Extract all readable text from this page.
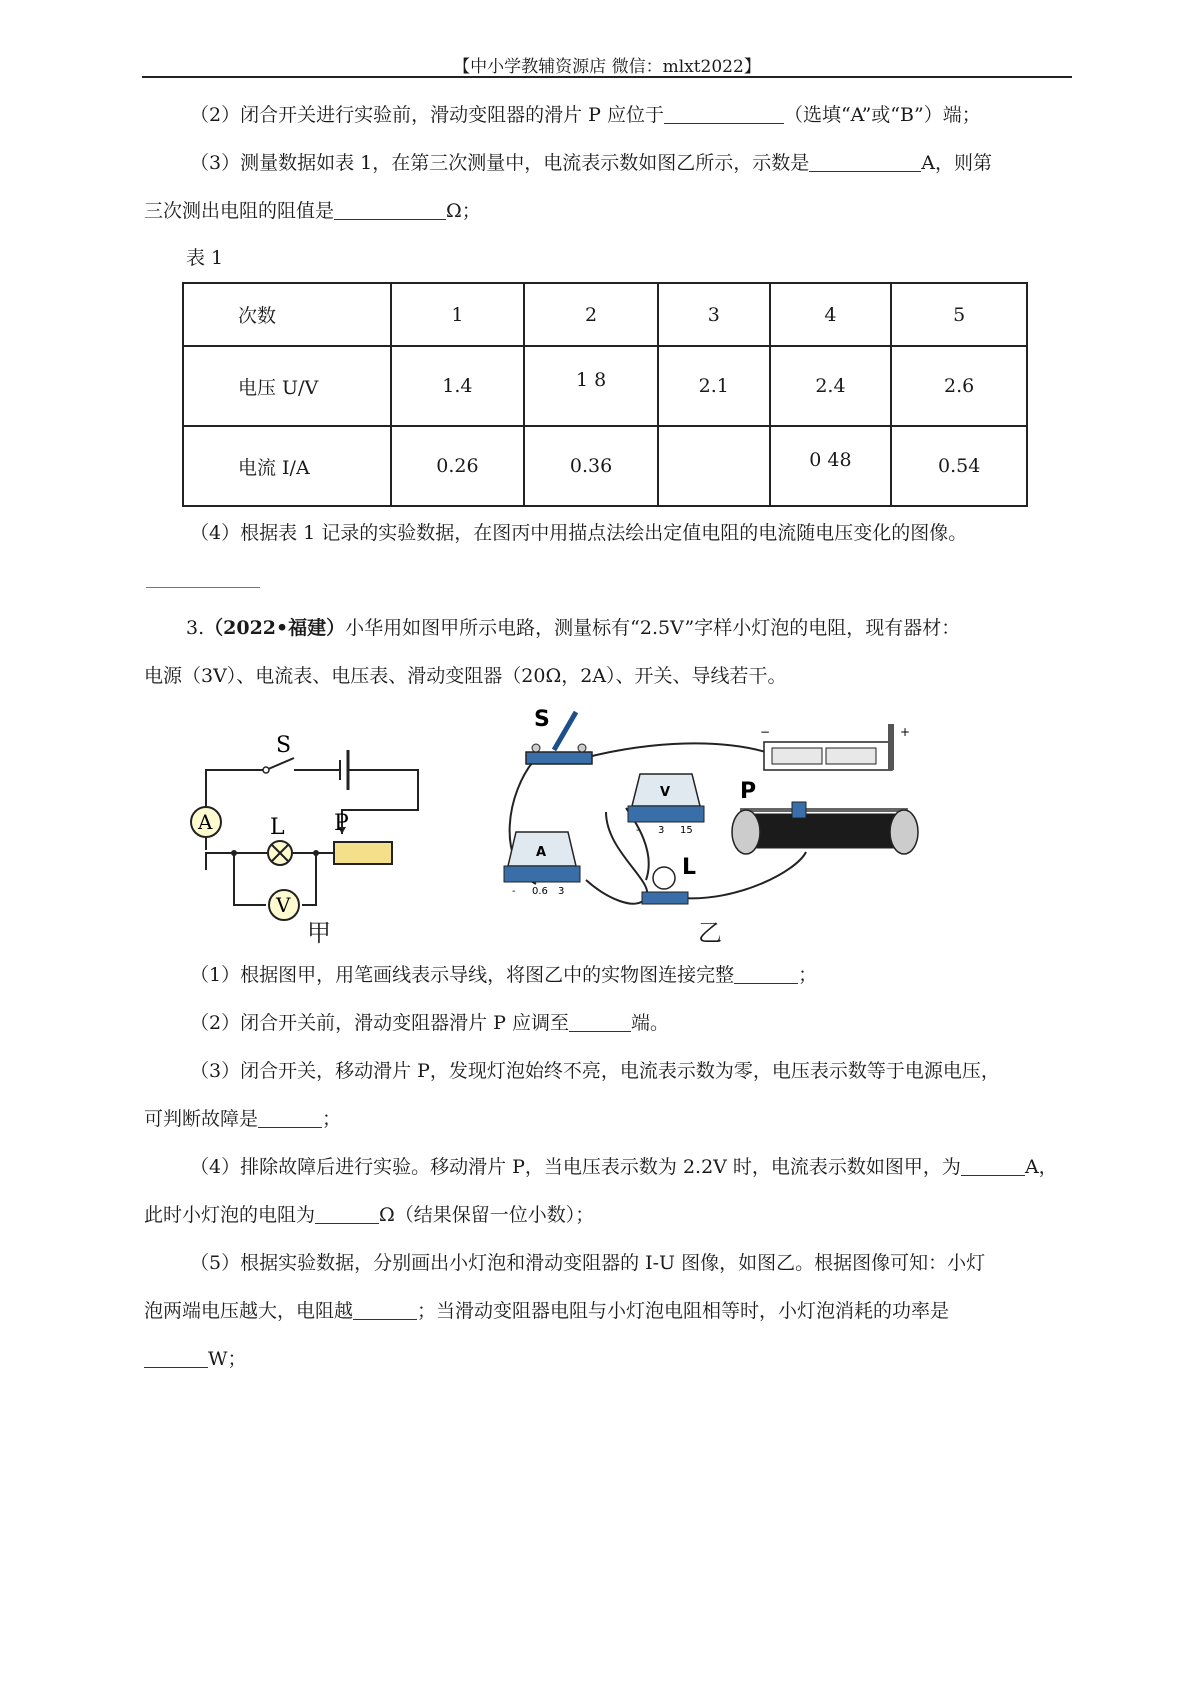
【中小学教辅资源店 微信：mlxt2022】
（2）闭合开关进行实验前，滑动变阻器的滑片 P 应位于	（选填“A”或“B”）端；
（3）测量数据如表 1，在第三次测量中，电流表示数如图乙所示，示数是	A，则第
三次测出电阻的阻值是	Ω；
表 1
次数	1	2	3	4	5
电压 U/V	1.4	1 8	2.1	2.4	2.6
电流 I/A	0.26	0.36		0 48	0.54
（4）根据表 1 记录的实验数据，在图丙中用描点法绘出定值电阻的电流随电压变化的图像。
3.（2022•福建）小华用如图甲所示电路，测量标有“2.5V”字样小灯泡的电阻，现有器材：
电源（3V）、电流表、电压表、滑动变阻器（20Ω，2A）、开关、导线若干。
A
V
S
L P
甲
S	−	+
V
- 3 15
A
- 0.6 3
L
P
乙
（1）根据图甲，用笔画线表示导线，将图乙中的实物图连接完整	；
（2）闭合开关前，滑动变阻器滑片 P 应调至	端。
（3）闭合开关，移动滑片 P，发现灯泡始终不亮，电流表示数为零，电压表示数等于电源电压，
可判断故障是	；
（4）排除故障后进行实验。移动滑片 P，当电压表示数为 2.2V 时，电流表示数如图甲，为	A，
此时小灯泡的电阻为	Ω（结果保留一位小数）；
（5）根据实验数据，分别画出小灯泡和滑动变阻器的 I-U 图像，如图乙。根据图像可知：小灯
泡两端电压越大，电阻越	；当滑动变阻器电阻与小灯泡电阻相等时，小灯泡消耗的功率是
W；
